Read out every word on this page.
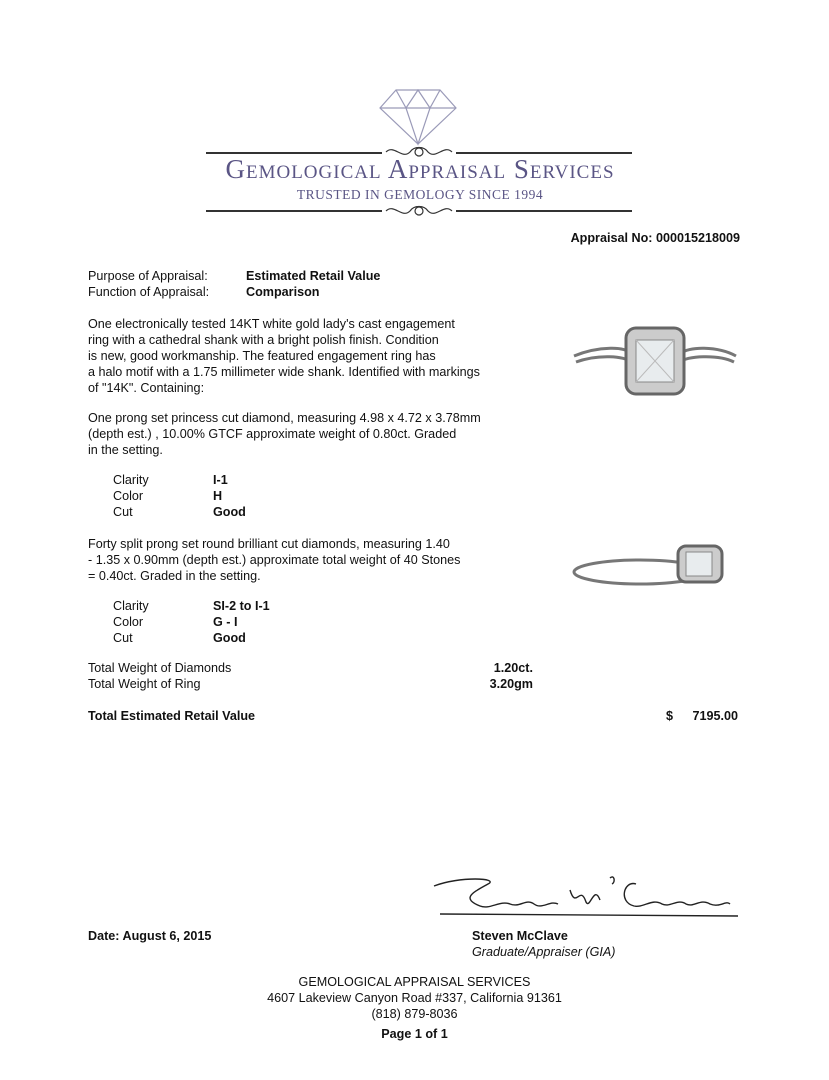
Gemological Appraisal Services
TRUSTED IN GEMOLOGY SINCE 1994
Appraisal No: 000015218009
Purpose of Appraisal:	Estimated Retail Value
Function of Appraisal:	Comparison
One electronically tested 14KT white gold lady's cast engagement
ring with a cathedral shank with a bright polish finish. Condition
is new, good workmanship. The featured engagement ring has
a halo motif with a 1.75 millimeter wide shank. Identified with markings
of "14K". Containing:
One prong set princess cut diamond, measuring 4.98 x 4.72 x 3.78mm
(depth est.) , 10.00% GTCF approximate weight of 0.80ct. Graded
in the setting.
Clarity	I-1
Color	H
Cut	Good
Forty split prong set round brilliant cut diamonds, measuring 1.40
- 1.35 x 0.90mm (depth est.) approximate total weight of 40 Stones
= 0.40ct. Graded in the setting.
Clarity	SI-2 to I-1
Color	G - I
Cut	Good
Total Weight of Diamonds	1.20ct.
Total Weight of Ring	3.20gm
Total Estimated Retail Value	$ 7195.00
Date: August 6, 2015	Steven McClave
Graduate/Appraiser (GIA)
GEMOLOGICAL APPRAISAL SERVICES
4607 Lakeview Canyon Road #337, California 91361
(818) 879-8036
Page 1 of 1
